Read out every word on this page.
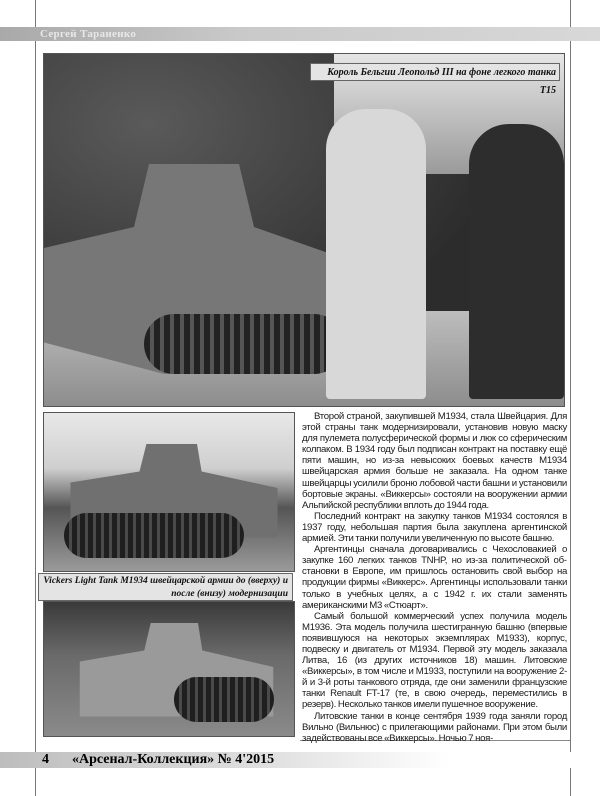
Сергей Тараненко
Король Бельгии Леопольд III на фоне легкого танка Т15
Vickers Light Tank M1934 швейцарской армии до (вверху) и после (внизу) модернизации

Второй страной, закупившей М1934, стала Швейцария. Для этой страны танк модернизировали, установив новую маску для пулемета полусферической формы и люк со сферическим колпаком. В 1934 году был подписан контракт на поставку ещё пяти машин, но из-за невысоких боевых качеств М1934 швейцарская армия больше не заказала. На одном танке швейцарцы усилили броню лобовой части башни и установили бортовые экраны. «Виккерсы» состояли на вооружении армии Альпийской республики вплоть до 1944 года.

Последний контракт на закупку танков М1934 состоялся в 1937 году, небольшая партия была закуплена аргентинской армией. Эти танки получили увеличенную по высоте башню.

Аргентинцы сначала договаривались с Чехословакией о закупке 160 легких танков TNHP, но из-за политической обстановки в Европе, им пришлось остановить свой выбор на продукции фирмы «Виккерс». Аргентинцы использовали танки только в учебных целях, а с 1942 г. их стали заменять американскими М3 «Стюарт».

Самый большой коммерческий успех получила модель М1936. Эта модель получила шестигранную башню (впервые появившуюся на некоторых экземплярах М1933), корпус, подвеску и двигатель от М1934. Первой эту модель заказала Литва, 16 (из других источников 18) машин. Литовские «Виккерсы», в том числе и М1933, поступили на вооружение 2-й и 3-й роты танкового отряда, где они заменили французские танки Renault FT-17 (те, в свою очередь, переместились в резерв). Несколько танков имели пушечное вооружение.

Литовские танки в конце сентября 1939 года заняли город Вильно (Вильнюс) с прилегающими районами. При этом были задействованы все «Виккерсы». Ночью 7 ноя-

4 «Арсенал-Коллекция» № 4'2015
